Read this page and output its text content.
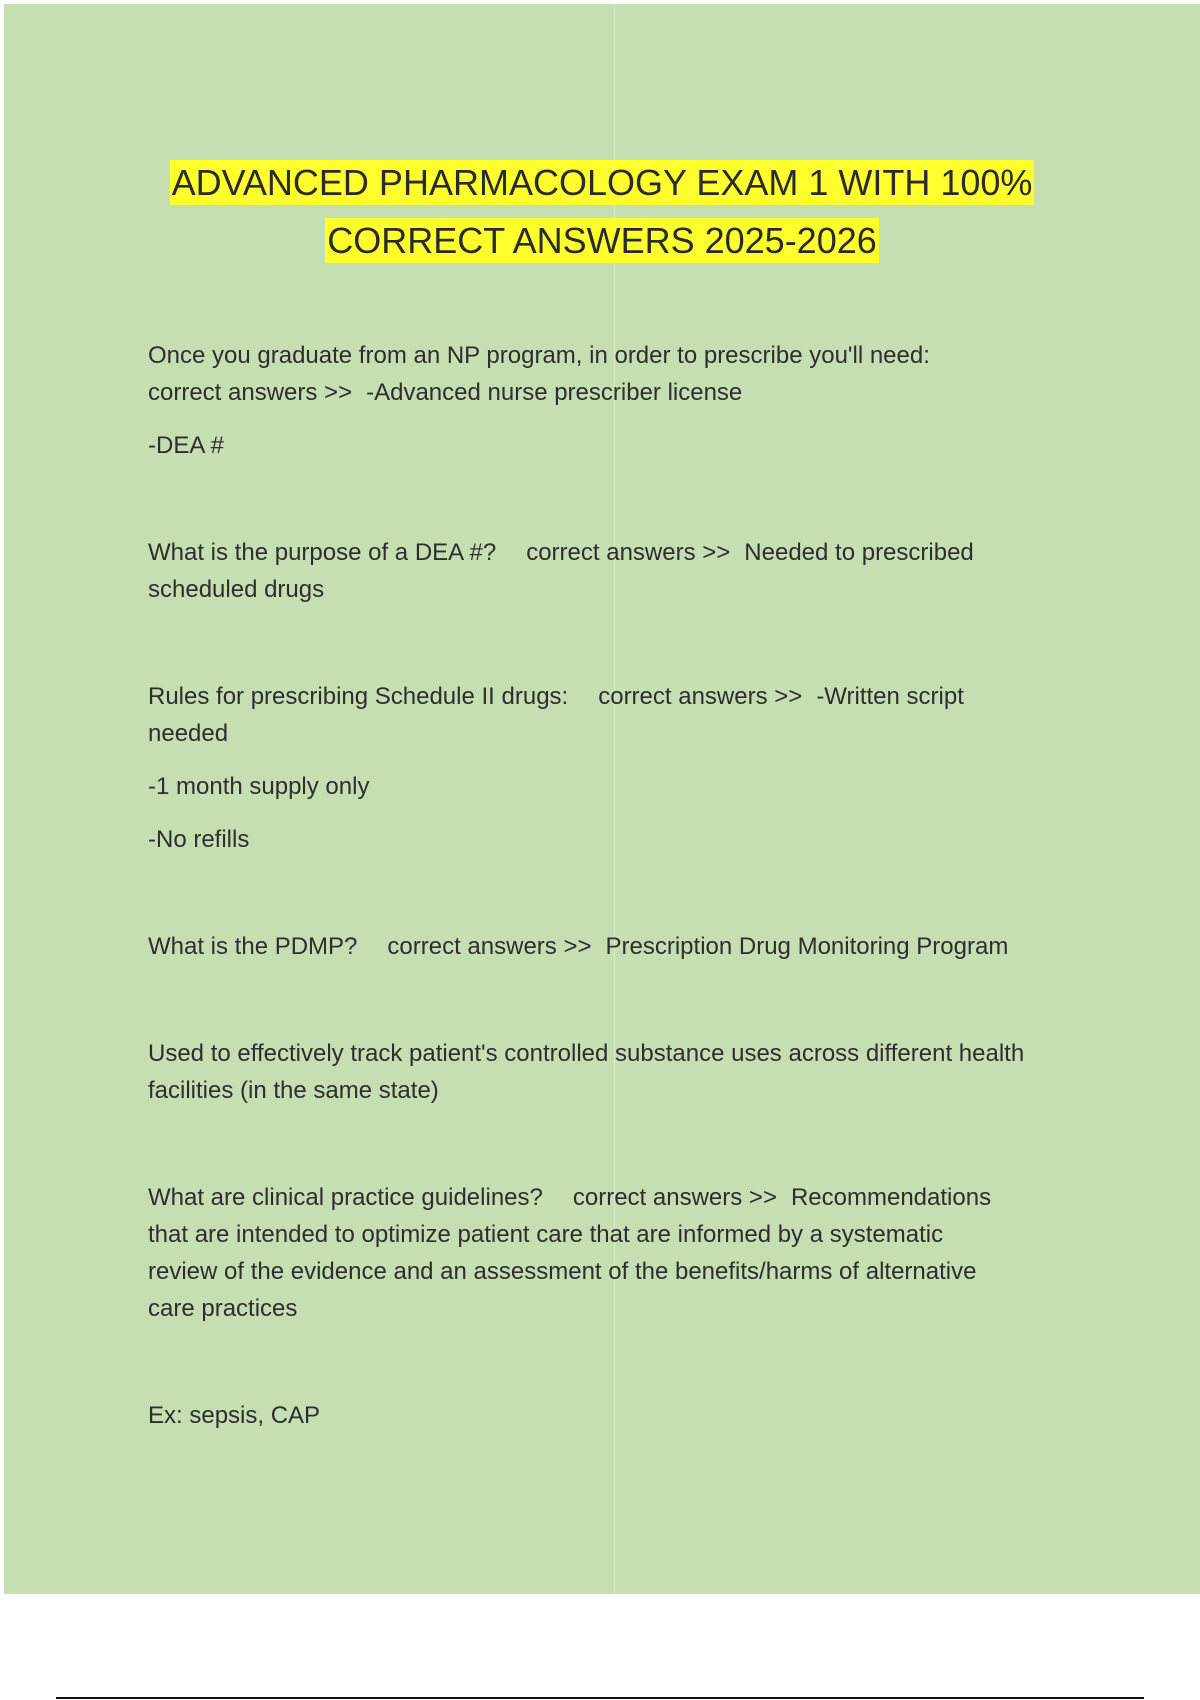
ADVANCED PHARMACOLOGY EXAM 1 WITH 100%
CORRECT ANSWERS 2025-2026

Once you graduate from an NP program, in order to prescribe you'll need:

correct answers >> -Advanced nurse prescriber license

-DEA #

What is the purpose of a DEA #? correct answers >> Needed to prescribed

scheduled drugs

Rules for prescribing Schedule II drugs: correct answers >> -Written script

needed

-1 month supply only

-No refills

What is the PDMP? correct answers >> Prescription Drug Monitoring Program

Used to effectively track patient's controlled substance uses across different health

facilities (in the same state)

What are clinical practice guidelines? correct answers >> Recommendations

that are intended to optimize patient care that are informed by a systematic

review of the evidence and an assessment of the benefits/harms of alternative

care practices

Ex: sepsis, CAP
